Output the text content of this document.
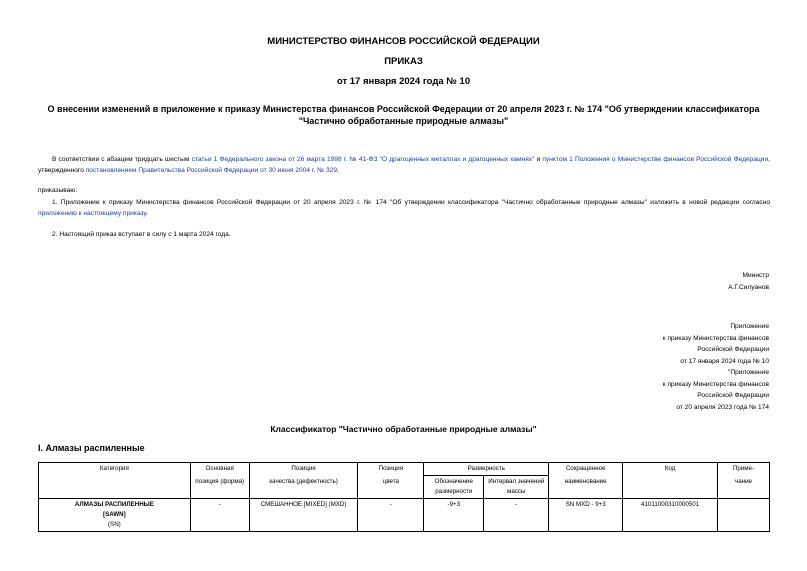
МИНИСТЕРСТВО ФИНАНСОВ РОССИЙСКОЙ ФЕДЕРАЦИИ
ПРИКАЗ
от 17 января 2024 года № 10
О внесении изменений в приложение к приказу Министерства финансов Российской Федерации от 20 апреля 2023 г. № 174 "Об утверждении классификатора "Частично обработанные природные алмазы"
В соответствии с абзацем тридцать шестым статьи 1 Федерального закона от 26 марта 1998 г. № 41-ФЗ "О драгоценных металлах и драгоценных камнях" и пунктом 1 Положения о Министерстве финансов Российской Федерации, утвержденного постановлением Правительства Российской Федерации от 30 июня 2004 г. № 329,
приказываю:
1. Приложение к приказу Министерства финансов Российской Федерации от 20 апреля 2023 г. № 174 "Об утверждении классификатора "Частично обработанные природные алмазы" изложить в новой редакции согласно приложению к настоящему приказу.
2. Настоящий приказ вступает в силу с 1 марта 2024 года.
Министр
А.Г.Силуанов
Приложение
к приказу Министерства финансов
Российской Федерации
от 17 января 2024 года № 10
"Приложение
к приказу Министерства финансов
Российской Федерации
от 20 апреля 2023 года № 174
Классификатор "Частично обработанные природные алмазы"
I. Алмазы распиленные
Категория	Основная	Позиция	Позиция	Размерность		Сокращенное	Код	Приме-
	позиция (форма)	качества (дефектность)	цвета	Обозначение размерности	Интервал значений массы	наименование		чание

АЛМАЗЫ РАСПИЛЕННЫЕ
[SAWN]
(SN)	-	СМЕШАННОЕ [MIXED] (MXD)	-	-9+3	-	SN MXD - 9+3	41011000310000501	
